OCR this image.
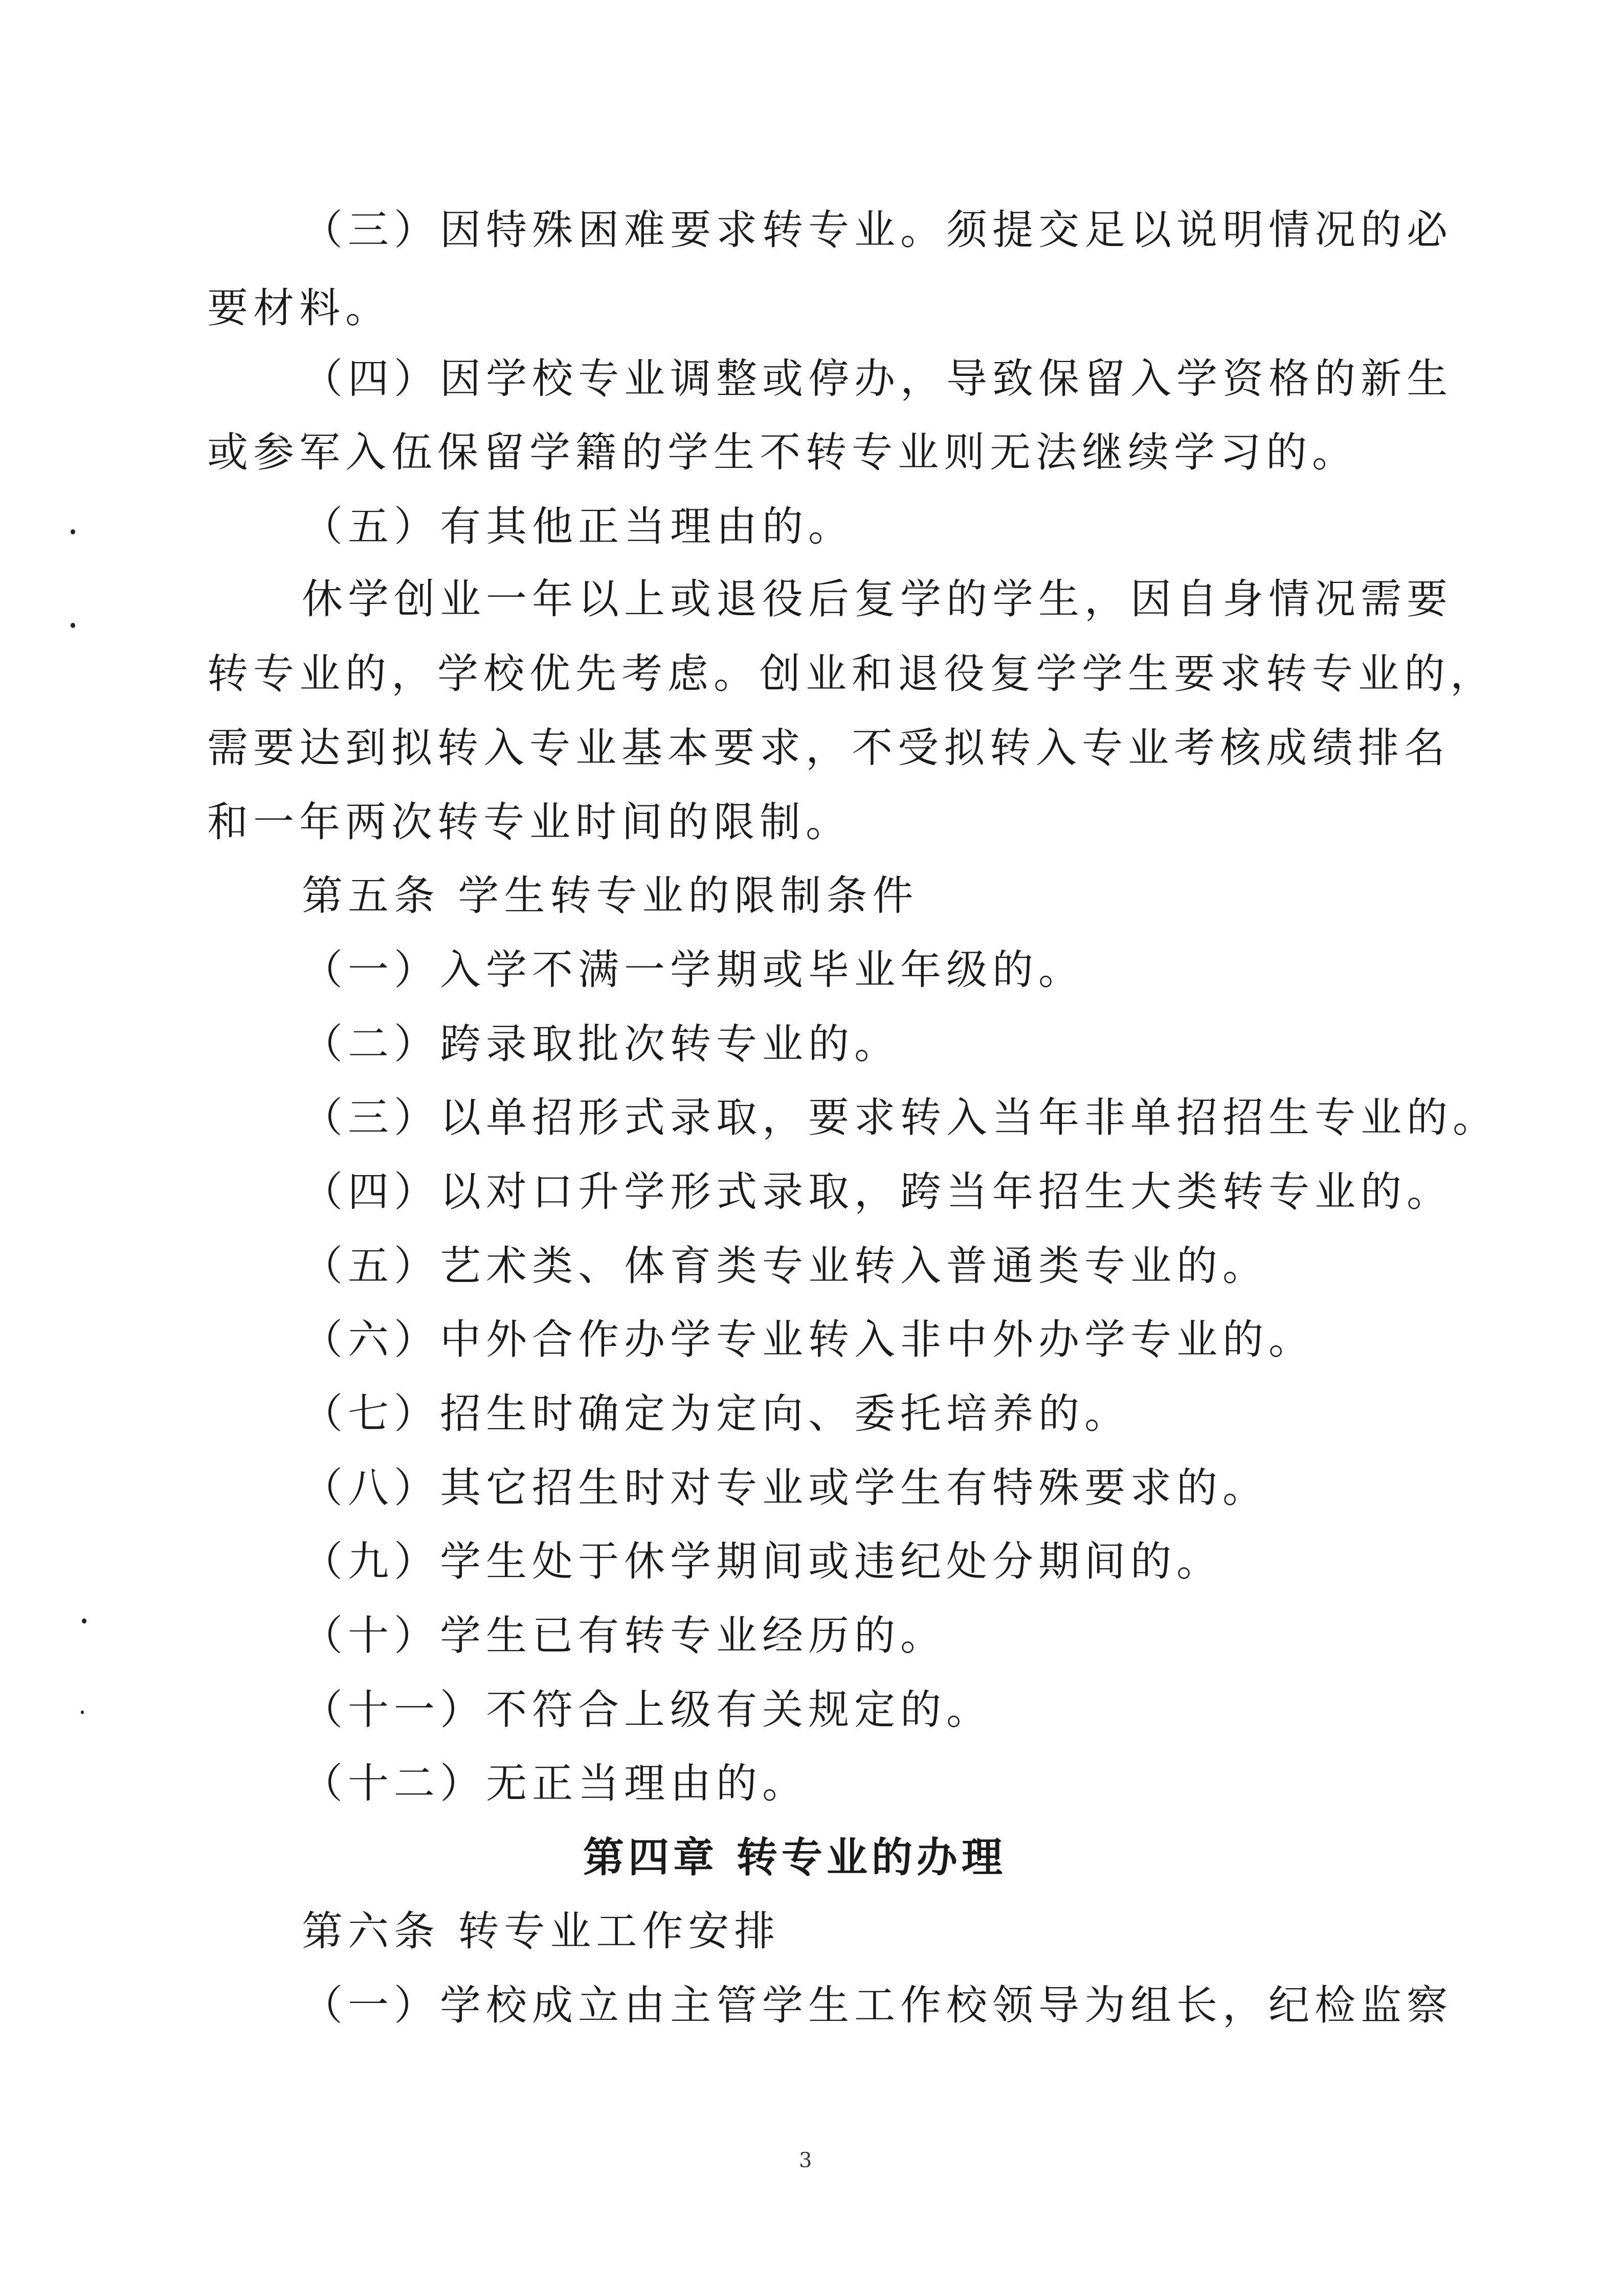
（三）因特殊困难要求转专业。须提交足以说明情况的必
要材料。
（四）因学校专业调整或停办，导致保留入学资格的新生
或参军入伍保留学籍的学生不转专业则无法继续学习的。
（五）有其他正当理由的。
休学创业一年以上或退役后复学的学生，因自身情况需要
转专业的，学校优先考虑。创业和退役复学学生要求转专业的，
需要达到拟转入专业基本要求，不受拟转入专业考核成绩排名
和一年两次转专业时间的限制。
第五条 学生转专业的限制条件
（一）入学不满一学期或毕业年级的。
（二）跨录取批次转专业的。
（三）以单招形式录取，要求转入当年非单招招生专业的。
（四）以对口升学形式录取，跨当年招生大类转专业的。
（五）艺术类、体育类专业转入普通类专业的。
（六）中外合作办学专业转入非中外办学专业的。
（七）招生时确定为定向、委托培养的。
（八）其它招生时对专业或学生有特殊要求的。
（九）学生处于休学期间或违纪处分期间的。
（十）学生已有转专业经历的。
（十一）不符合上级有关规定的。
（十二）无正当理由的。
第四章 转专业的办理
第六条 转专业工作安排
（一）学校成立由主管学生工作校领导为组长，纪检监察
3
